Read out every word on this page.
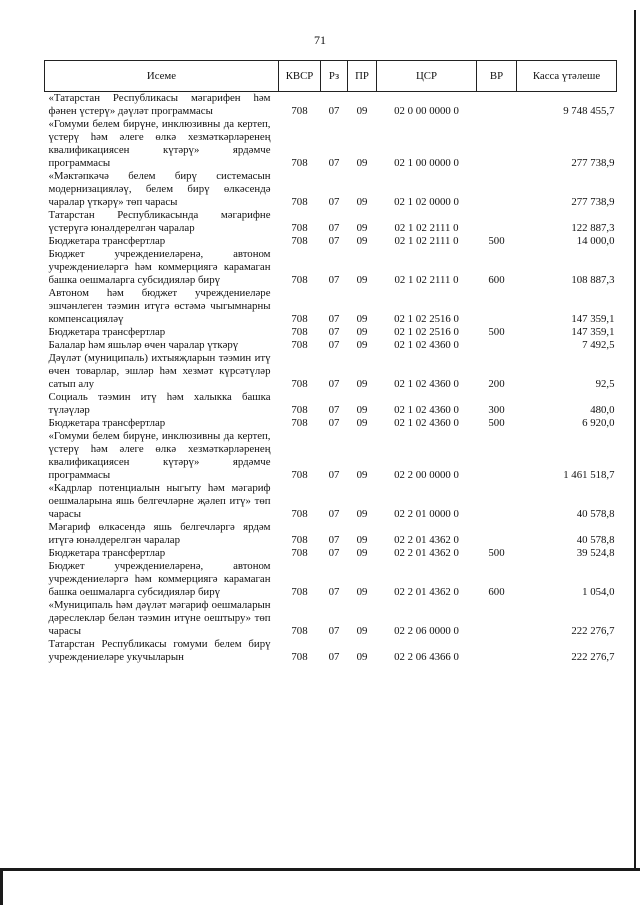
71
Исеме	КВСР	Рз	ПР	ЦСР	ВР	Касса үтәлеше
«Татарстан Республикасы мәгарифен һәм фәнен үстерү» дәүләт программасы	708	07	09	02 0 00 0000 0		9 748 455,7
«Гомуми белем бирүне, инклюзивны да кертеп, үстерү һәм әлеге өлкә хезмәткәрләренең квалификациясен күтәрү» ярдәмче программасы	708	07	09	02 1 00 0000 0		277 738,9
«Мәктәпкәчә белем бирү системасын модернизацияләү, белем бирү өлкәсендә чаралар үткәрү» төп чарасы	708	07	09	02 1 02 0000 0		277 738,9
Татарстан Республикасында мәгарифне үстерүгә юнәлдерелгән чаралар	708	07	09	02 1 02 2111 0		122 887,3
Бюджетара трансфертлар	708	07	09	02 1 02 2111 0	500	14 000,0
Бюджет учреждениеләренә, автоном учреждениеләргә һәм коммерциягә карамаган башка оешмаларга субсидияләр бирү	708	07	09	02 1 02 2111 0	600	108 887,3
Автоном һәм бюджет учреждениеләре эшчәнлеген тәэмин итүгә өстәмә чыгымнарны компенсацияләү	708	07	09	02 1 02 2516 0		147 359,1
Бюджетара трансфертлар	708	07	09	02 1 02 2516 0	500	147 359,1
Балалар һәм яшьләр өчен чаралар үткәрү	708	07	09	02 1 02 4360 0		7 492,5
Дәүләт (муниципаль) ихтыяҗларын тәэмин итү өчен товарлар, эшләр һәм хезмәт күрсәтүләр сатып алу	708	07	09	02 1 02 4360 0	200	92,5
Социаль тәэмин итү һәм халыкка башка түләүләр	708	07	09	02 1 02 4360 0	300	480,0
Бюджетара трансфертлар	708	07	09	02 1 02 4360 0	500	6 920,0
«Гомуми белем бирүне, инклюзивны да кертеп, үстерү һәм әлеге өлкә хезмәткәрләренең квалификациясен күтәрү» ярдәмче программасы	708	07	09	02 2 00 0000 0		1 461 518,7
«Кадрлар потенциалын ныгыту һәм мәгариф оешмаларына яшь белгечләрне җәлеп итү» төп чарасы	708	07	09	02 2 01 0000 0		40 578,8
Мәгариф өлкәсендә яшь белгечләргә ярдәм итүгә юнәлдерелгән чаралар	708	07	09	02 2 01 4362 0		40 578,8
Бюджетара трансфертлар	708	07	09	02 2 01 4362 0	500	39 524,8
Бюджет учреждениеләренә, автоном учреждениеләргә һәм коммерциягә карамаган башка оешмаларга субсидияләр бирү	708	07	09	02 2 01 4362 0	600	1 054,0
«Муниципаль һәм дәүләт мәгариф оешмаларын дәреслекләр белән тәэмин итүне оештыру» төп чарасы	708	07	09	02 2 06 0000 0		222 276,7
Татарстан Республикасы гомуми белем бирү учреждениеләре укучыларын	708	07	09	02 2 06 4366 0		222 276,7
